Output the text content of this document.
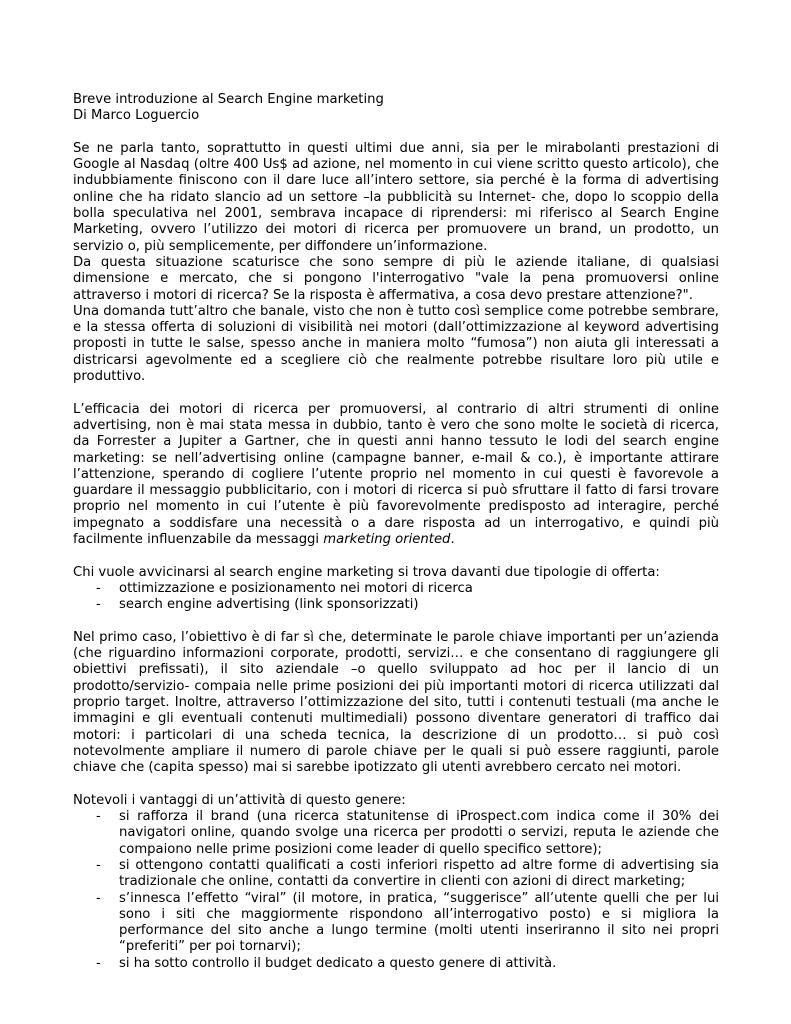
Breve introduzione al Search Engine marketing

Di Marco Loguercio

Se ne parla tanto, soprattutto in questi ultimi due anni, sia per le mirabolanti prestazioni di Google al Nasdaq (oltre 400 Us$ ad azione, nel momento in cui viene scritto questo articolo), che indubbiamente finiscono con il dare luce all’intero settore, sia perché è la forma di advertising online che ha ridato slancio ad un settore –la pubblicità su Internet- che, dopo lo scoppio della bolla speculativa nel 2001, sembrava incapace di riprendersi: mi riferisco al Search Engine Marketing, ovvero l’utilizzo dei motori di ricerca per promuovere un brand, un prodotto, un servizio o, più semplicemente, per diffondere un’informazione.

Da questa situazione scaturisce che sono sempre di più le aziende italiane, di qualsiasi dimensione e mercato, che si pongono l'interrogativo "vale la pena promuoversi online attraverso i motori di ricerca? Se la risposta è affermativa, a cosa devo prestare attenzione?".

Una domanda tutt’altro che banale, visto che non è tutto così semplice come potrebbe sembrare, e la stessa offerta di soluzioni di visibilità nei motori (dall’ottimizzazione al keyword advertising proposti in tutte le salse, spesso anche in maniera molto “fumosa”) non aiuta gli interessati a districarsi agevolmente ed a scegliere ciò che realmente potrebbe risultare loro più utile e produttivo.

L’efficacia dei motori di ricerca per promuoversi, al contrario di altri strumenti di online advertising, non è mai stata messa in dubbio, tanto è vero che sono molte le società di ricerca, da Forrester a Jupiter a Gartner, che in questi anni hanno tessuto le lodi del search engine marketing: se nell’advertising online (campagne banner, e-mail & co.), è importante attirare l’attenzione, sperando di cogliere l’utente proprio nel momento in cui questi è favorevole a guardare il messaggio pubblicitario, con i motori di ricerca si può sfruttare il fatto di farsi trovare proprio nel momento in cui l’utente è più favorevolmente predisposto ad interagire, perché impegnato a soddisfare una necessità o a dare risposta ad un interrogativo, e quindi più facilmente influenzabile da messaggi marketing oriented.

Chi vuole avvicinarsi al search engine marketing si trova davanti due tipologie di offerta:

- ottimizzazione e posizionamento nei motori di ricerca
- search engine advertising (link sponsorizzati)

Nel primo caso, l’obiettivo è di far sì che, determinate le parole chiave importanti per un’azienda (che riguardino informazioni corporate, prodotti, servizi… e che consentano di raggiungere gli obiettivi prefissati), il sito aziendale –o quello sviluppato ad hoc per il lancio di un prodotto/servizio- compaia nelle prime posizioni dei più importanti motori di ricerca utilizzati dal proprio target. Inoltre, attraverso l’ottimizzazione del sito, tutti i contenuti testuali (ma anche le immagini e gli eventuali contenuti multimediali) possono diventare generatori di traffico dai motori: i particolari di una scheda tecnica, la descrizione di un prodotto… si può così notevolmente ampliare il numero di parole chiave per le quali si può essere raggiunti, parole chiave che (capita spesso) mai si sarebbe ipotizzato gli utenti avrebbero cercato nei motori.

Notevoli i vantaggi di un’attività di questo genere:

- si rafforza il brand (una ricerca statunitense di iProspect.com indica come il 30% dei navigatori online, quando svolge una ricerca per prodotti o servizi, reputa le aziende che compaiono nelle prime posizioni come leader di quello specifico settore);
- si ottengono contatti qualificati a costi inferiori rispetto ad altre forme di advertising sia tradizionale che online, contatti da convertire in clienti con azioni di direct marketing;
- s’innesca l’effetto “viral” (il motore, in pratica, “suggerisce” all’utente quelli che per lui sono i siti che maggiormente rispondono all’interrogativo posto) e si migliora la performance del sito anche a lungo termine (molti utenti inseriranno il sito nei propri “preferiti” per poi tornarvi);
- si ha sotto controllo il budget dedicato a questo genere di attività.
